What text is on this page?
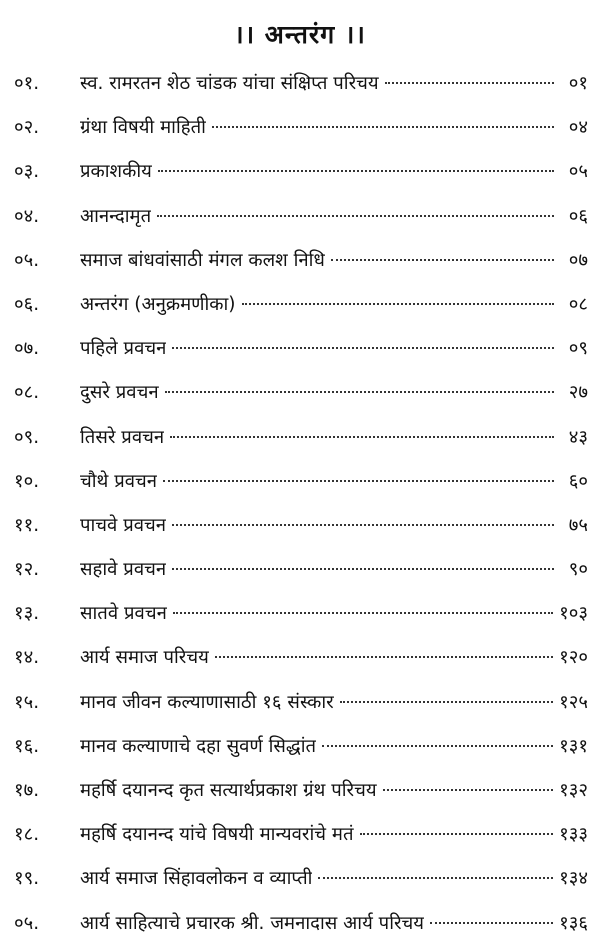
।। अन्तरंग ।।
०१.	स्व. रामरतन शेठ चांडक यांचा संक्षिप्त परिचय	०१
०२.	ग्रंथा विषयी माहिती	०४
०३.	प्रकाशकीय	०५
०४.	आनन्दामृत	०६
०५.	समाज बांधवांसाठी मंगल कलश निधि	०७
०६.	अन्तरंग (अनुक्रमणीका)	०८
०७.	पहिले प्रवचन	०९
०८.	दुसरे प्रवचन	२७
०९.	तिसरे प्रवचन	४३
१०.	चौथे प्रवचन	६०
११.	पाचवे प्रवचन	७५
१२.	सहावे प्रवचन	९०
१३.	सातवे प्रवचन	१०३
१४.	आर्य समाज परिचय	१२०
१५.	मानव जीवन कल्याणासाठी १६ संस्कार	१२५
१६.	मानव कल्याणाचे दहा सुवर्ण सिद्धांत	१३१
१७.	महर्षि दयानन्द कृत सत्यार्थप्रकाश ग्रंथ परिचय	१३२
१८.	महर्षि दयानन्द यांचे विषयी मान्यवरांचे मतं	१३३
१९.	आर्य समाज सिंहावलोकन व व्याप्ती	१३४
०५.	आर्य साहित्याचे प्रचारक श्री. जमनादास आर्य परिचय	१३६
